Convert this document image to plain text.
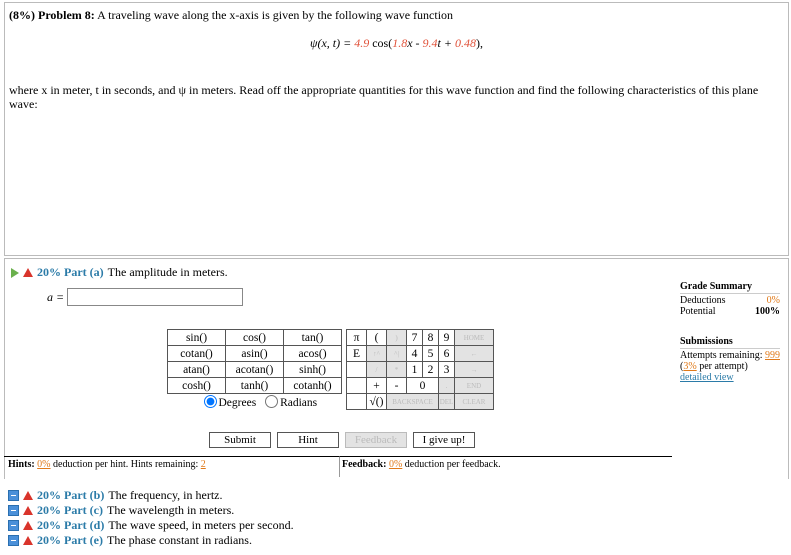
(8%) Problem 8: A traveling wave along the x-axis is given by the following wave function
ψ(x, t) = 4.9 cos(1.8x - 9.4t + 0.48),
where x in meter, t in seconds, and ψ in meters. Read off the appropriate quantities for this wave function and find the following characteristics of this plane wave:
20% Part (a) The amplitude in meters.
a =
sin()	cos()	tan()
cotan()	asin()	acos()
atan()	acotan()	sinh()
cosh()	tanh()	cotanh()
Degrees Radians		
π	(	)	7	8	9	HOME
E	↑^	^|	4	5	6	←
	/	*	1	2	3	→
	+	-	0		.	END
	√()	BACKSPACE			DEL	CLEAR
Submit	Hint	Feedback	I give up!
Grade Summary
Deductions	0%
Potential	100%
Submissions
Attempts remaining: 999
(3% per attempt)
detailed view
Hints: 0% deduction per hint. Hints remaining: 2	Feedback: 0% deduction per feedback.
20% Part (b) The frequency, in hertz.
20% Part (c) The wavelength in meters.
20% Part (d) The wave speed, in meters per second.
20% Part (e) The phase constant in radians.
